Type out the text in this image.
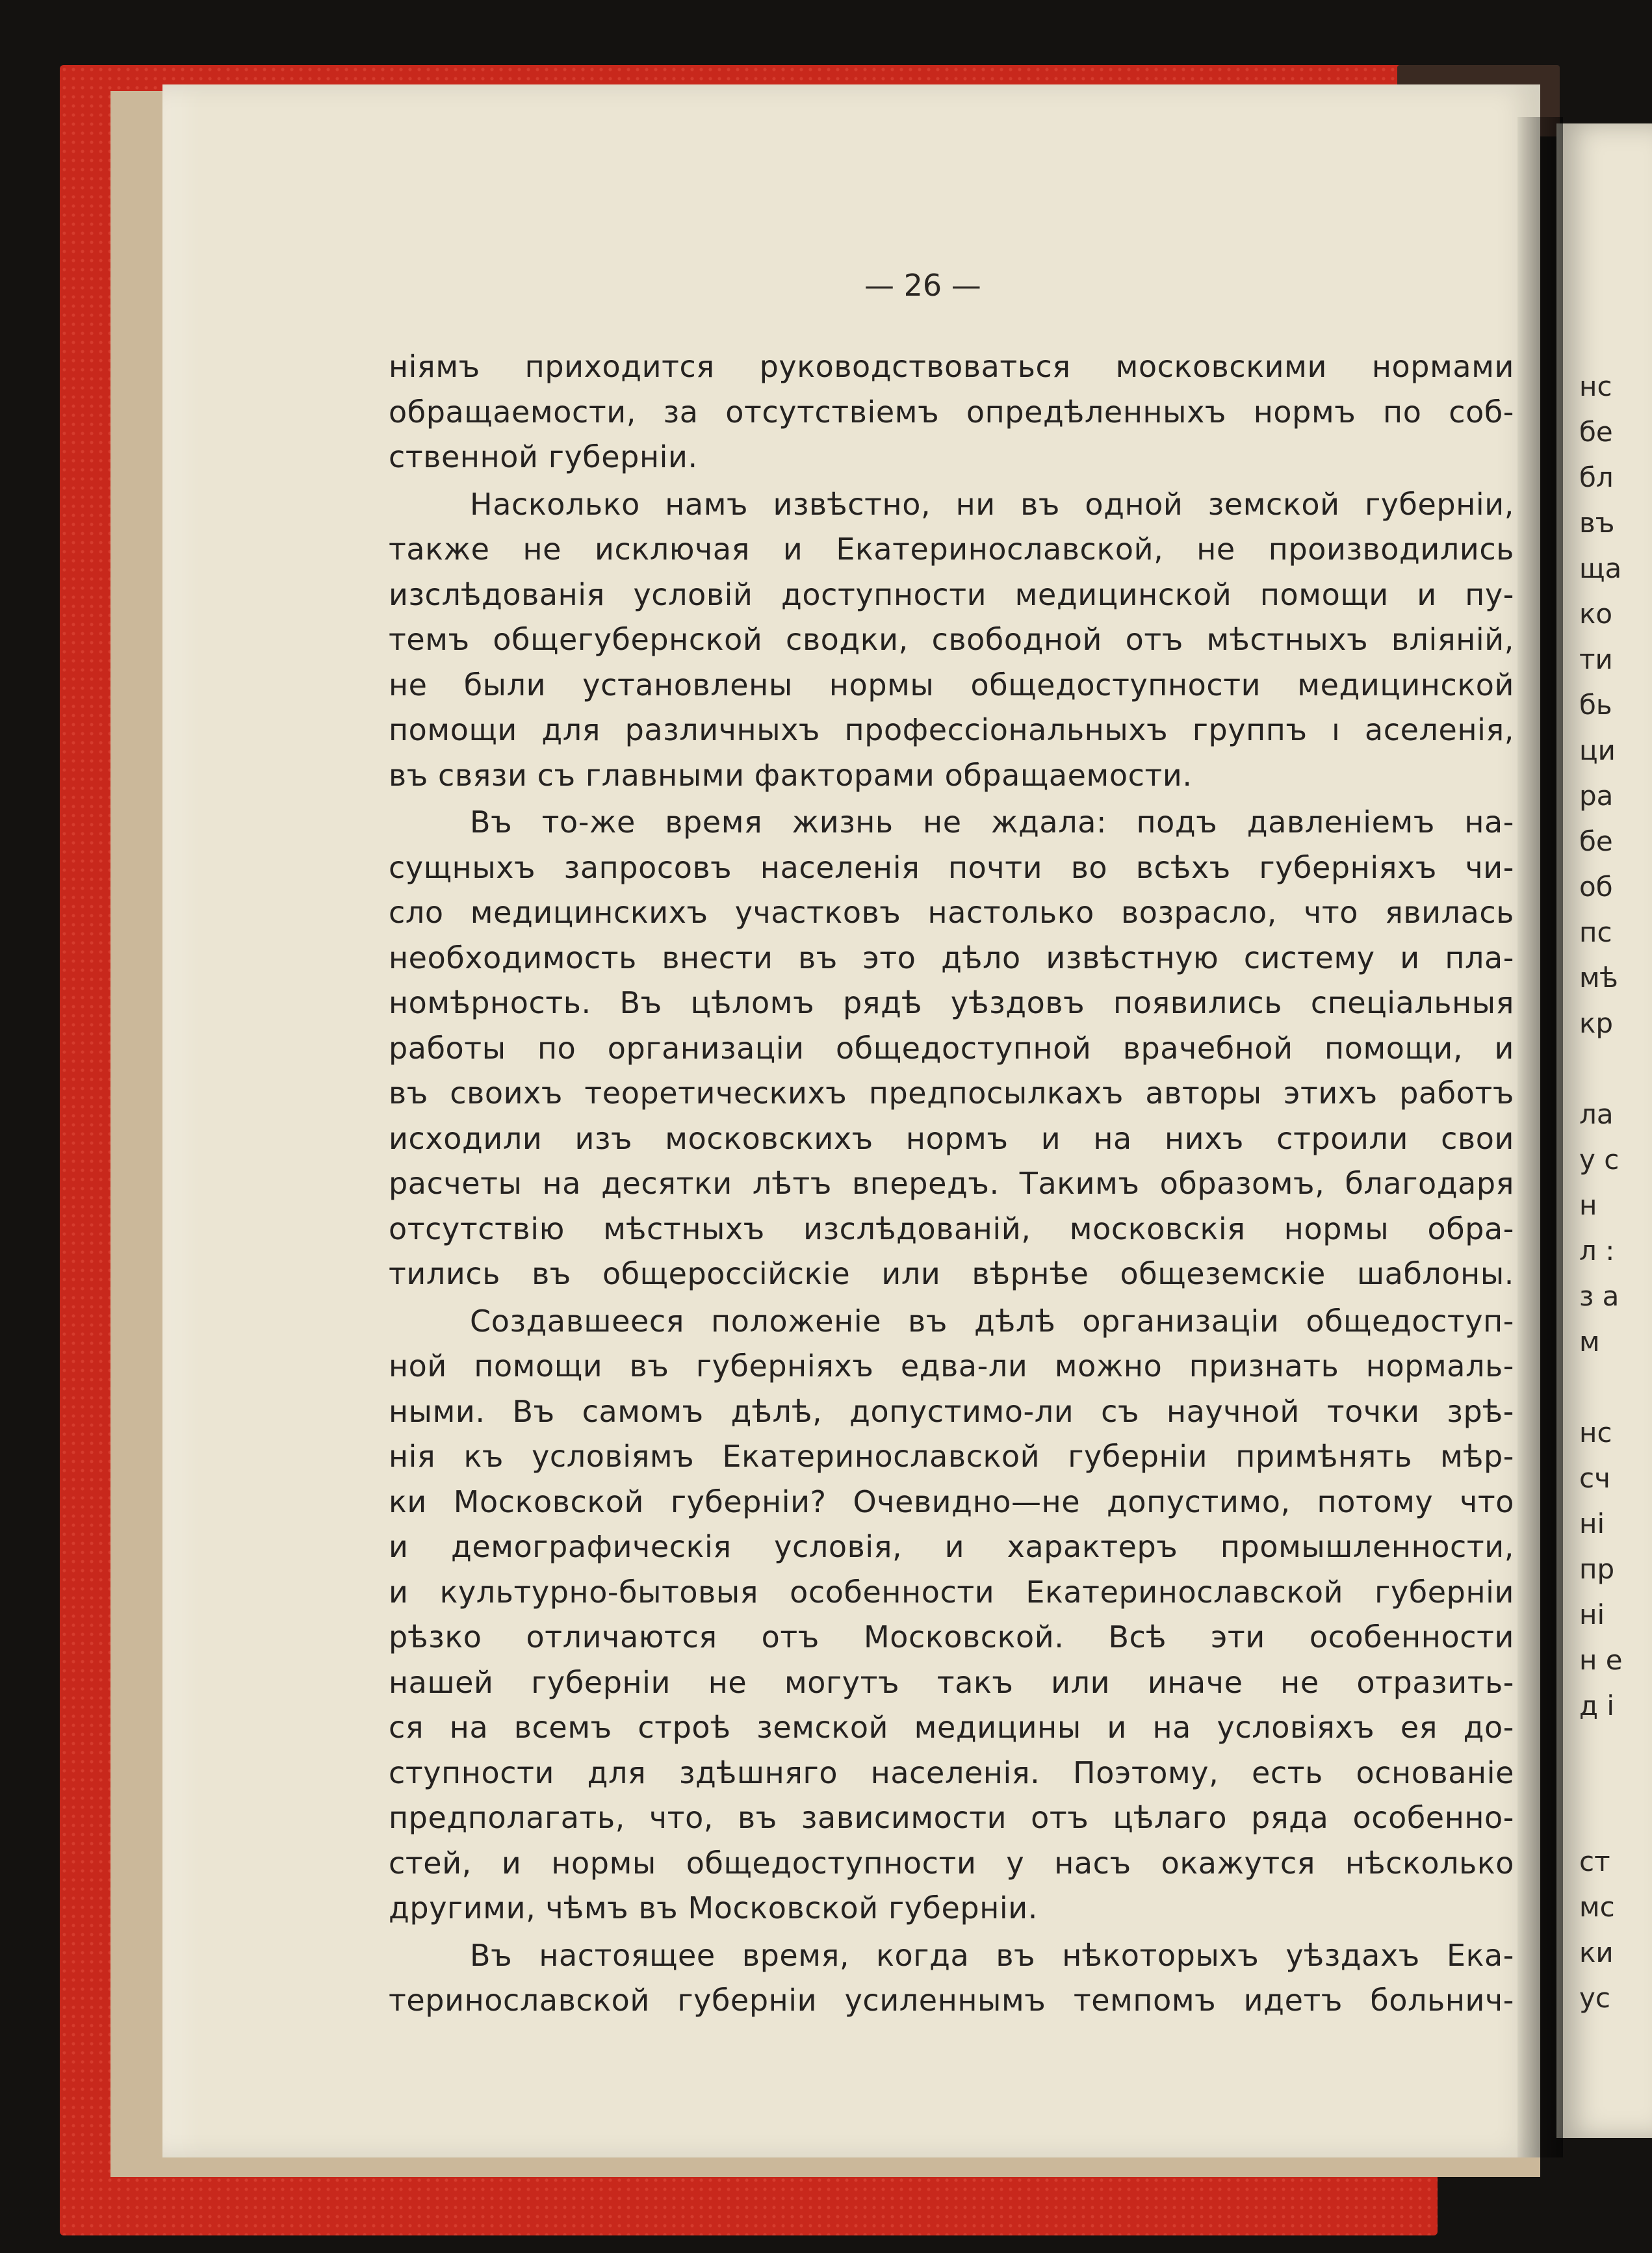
нс
бе
бл
въ
ща
ко
ти
бь
ци
ра
бе
об
пс
мѣ
кр
ла
у с
н
л :
з а
м
нс
сч
ні
пр
ні
н е
д і
ст
мс
ки
ус
— 26 —
ніямъ приходится руководствоваться московскими нормами
обращаемости, за отсутствіемъ опредѣленныхъ нормъ по соб-
ственной губерніи.
Насколько намъ извѣстно, ни въ одной земской губерніи,
также не исключая и Екатеринославской, не производились
изслѣдованія условій доступности медицинской помощи и пу-
темъ общегубернской сводки, свободной отъ мѣстныхъ вліяній,
не были установлены нормы общедоступности медицинской
помощи для различныхъ профессіональныхъ группъ ı аселенія,
въ связи съ главными факторами обращаемости.
Въ то-же время жизнь не ждала: подъ давленіемъ на-
сущныхъ запросовъ населенія почти во всѣхъ губерніяхъ чи-
сло медицинскихъ участковъ настолько возрасло, что явилась
необходимость внести въ это дѣло извѣстную систему и пла-
номѣрность. Въ цѣломъ рядѣ уѣздовъ появились спеціальныя
работы по организаціи общедоступной врачебной помощи, и
въ своихъ теоретическихъ предпосылкахъ авторы этихъ работъ
исходили изъ московскихъ нормъ и на нихъ строили свои
расчеты на десятки лѣтъ впередъ. Такимъ образомъ, благодаря
отсутствію мѣстныхъ изслѣдованій, московскія нормы обра-
тились въ общероссійскіе или вѣрнѣе общеземскіе шаблоны.
Создавшееся положеніе въ дѣлѣ организаціи общедоступ-
ной помощи въ губерніяхъ едва-ли можно признать нормаль-
ными. Въ самомъ дѣлѣ, допустимо-ли съ научной точки зрѣ-
нія къ условіямъ Екатеринославской губерніи примѣнять мѣр-
ки Московской губерніи? Очевидно—не допустимо, потому что
и демографическія условія, и характеръ промышленности,
и культурно-бытовыя особенности Екатеринославской губерніи
рѣзко отличаются отъ Московской. Всѣ эти особенности
нашей губерніи не могутъ такъ или иначе не отразить-
ся на всемъ строѣ земской медицины и на условіяхъ ея до-
ступности для здѣшняго населенія. Поэтому, есть основаніе
предполагать, что, въ зависимости отъ цѣлаго ряда особенно-
стей, и нормы общедоступности у насъ окажутся нѣсколько
другими, чѣмъ въ Московской губерніи.
Въ настоящее время, когда въ нѣкоторыхъ уѣздахъ Ека-
теринославской губерніи усиленнымъ темпомъ идетъ больнич-
